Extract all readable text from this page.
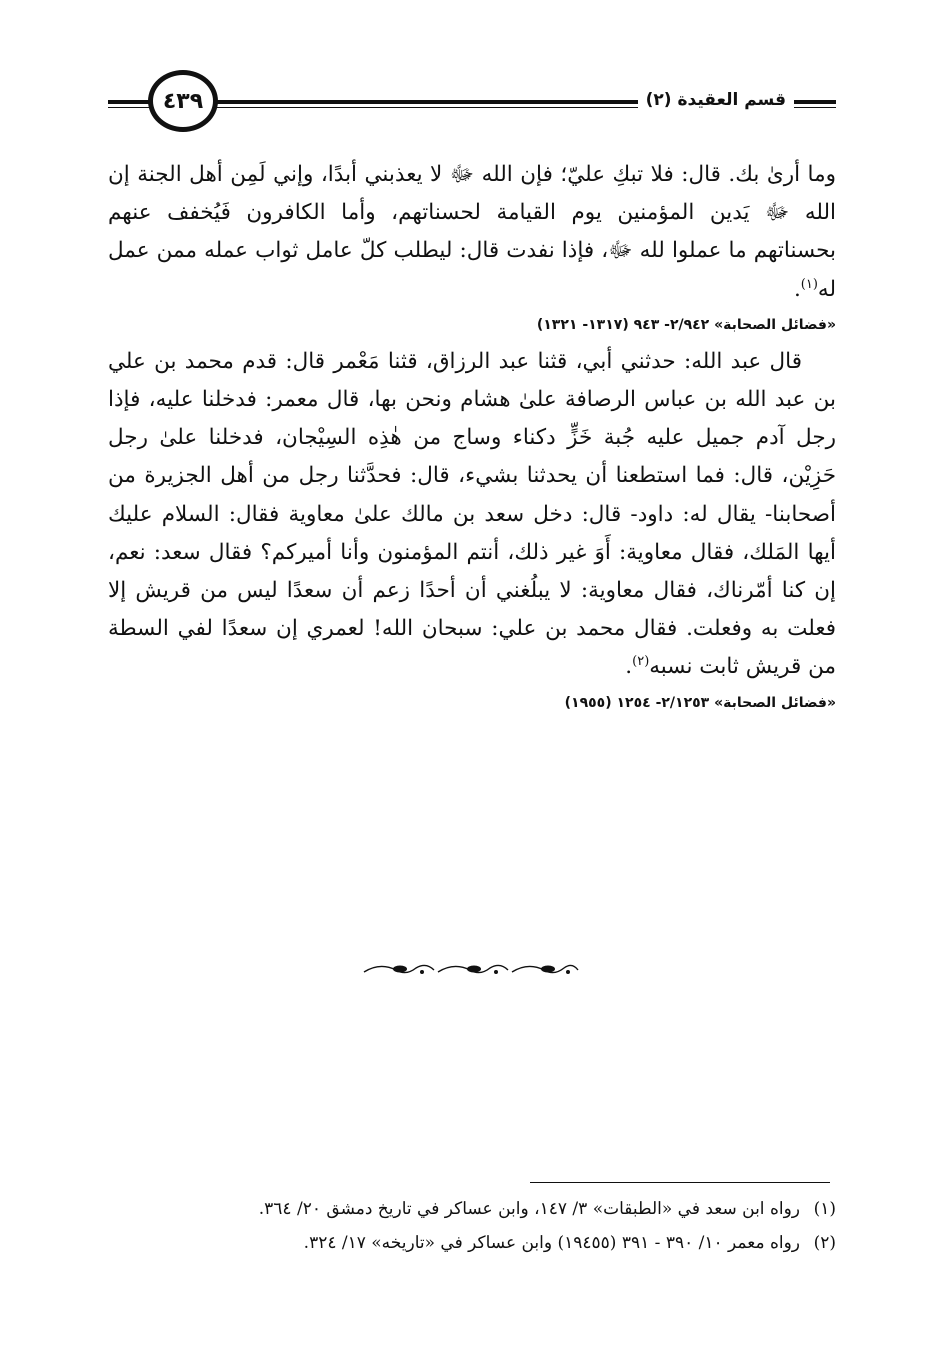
٤٣٩	قسم العقيدة (٢)

وما أرىٰ بك. قال: فلا تبكِ عليّ؛ فإن الله ﷻ لا يعذبني أبدًا، وإني لَمِن أهل الجنة إن الله ﷻ يَدين المؤمنين يوم القيامة لحسناتهم، وأما الكافرون فَيُخفف عنهم بحسناتهم ما عملوا لله ﷻ، فإذا نفدت قال: ليطلب كلّ عامل ثواب عمله ممن عمل له$^{(١)}$.

«فضائل الصحابة» ٢/٩٤٢- ٩٤٣ (١٣١٧- ١٣٢١)

قال عبد الله: حدثني أبي، قثنا عبد الرزاق، قثنا مَعْمر قال: قدم محمد بن علي بن عبد الله بن عباس الرصافة علىٰ هشام ونحن بها، قال معمر: فدخلنا عليه، فإذا رجل آدم جميل عليه جُبة خَزٍّ دكناء وساج من هٰذِه السِيْجان، فدخلنا علىٰ رجل حَزِيْن، قال: فما استطعنا أن يحدثنا بشيء، قال: فحدَّثنا رجل من أهل الجزيرة من أصحابنا- يقال له: داود- قال: دخل سعد بن مالك علىٰ معاوية فقال: السلام عليك أيها المَلك، فقال معاوية: أَوَ غير ذلك، أنتم المؤمنون وأنا أميركم؟ فقال سعد: نعم، إن كنا أمّرناك، فقال معاوية: لا يبلُغني أن أحدًا زعم أن سعدًا ليس من قريش إلا فعلت به وفعلت. فقال محمد بن علي: سبحان الله! لعمري إن سعدًا لفي السطة من قريش ثابت نسبه$^{(٢)}$.

«فضائل الصحابة» ٢/١٢٥٣- ١٢٥٤ (١٩٥٥)

(١)رواه ابن سعد في «الطبقات» ٣/ ١٤٧، وابن عساكر في تاريخ دمشق ٢٠/ ٣٦٤.

(٢)رواه معمر ١٠/ ٣٩٠ - ٣٩١ (١٩٤٥٥) وابن عساكر في «تاريخه» ١٧/ ٣٢٤.
